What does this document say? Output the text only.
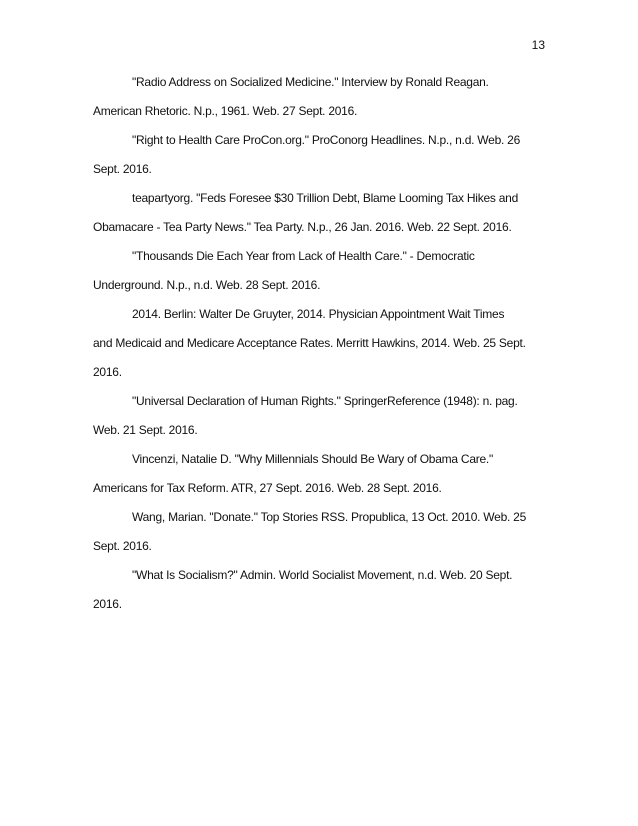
13
"Radio Address on Socialized Medicine." Interview by Ronald Reagan.
American Rhetoric. N.p., 1961. Web. 27 Sept. 2016.
"Right to Health Care ProCon.org." ProConorg Headlines. N.p., n.d. Web. 26
Sept. 2016.
teapartyorg. "Feds Foresee $30 Trillion Debt, Blame Looming Tax Hikes and
Obamacare - Tea Party News." Tea Party. N.p., 26 Jan. 2016. Web. 22 Sept. 2016.
"Thousands Die Each Year from Lack of Health Care." - Democratic
Underground. N.p., n.d. Web. 28 Sept. 2016.
2014. Berlin: Walter De Gruyter, 2014. Physician Appointment Wait Times
and Medicaid and Medicare Acceptance Rates. Merritt Hawkins, 2014. Web. 25 Sept.
2016.
"Universal Declaration of Human Rights." SpringerReference (1948): n. pag.
Web. 21 Sept. 2016.
Vincenzi, Natalie D. "Why Millennials Should Be Wary of Obama Care."
Americans for Tax Reform. ATR, 27 Sept. 2016. Web. 28 Sept. 2016.
Wang, Marian. "Donate." Top Stories RSS. Propublica, 13 Oct. 2010. Web. 25
Sept. 2016.
"What Is Socialism?" Admin. World Socialist Movement, n.d. Web. 20 Sept.
2016.
